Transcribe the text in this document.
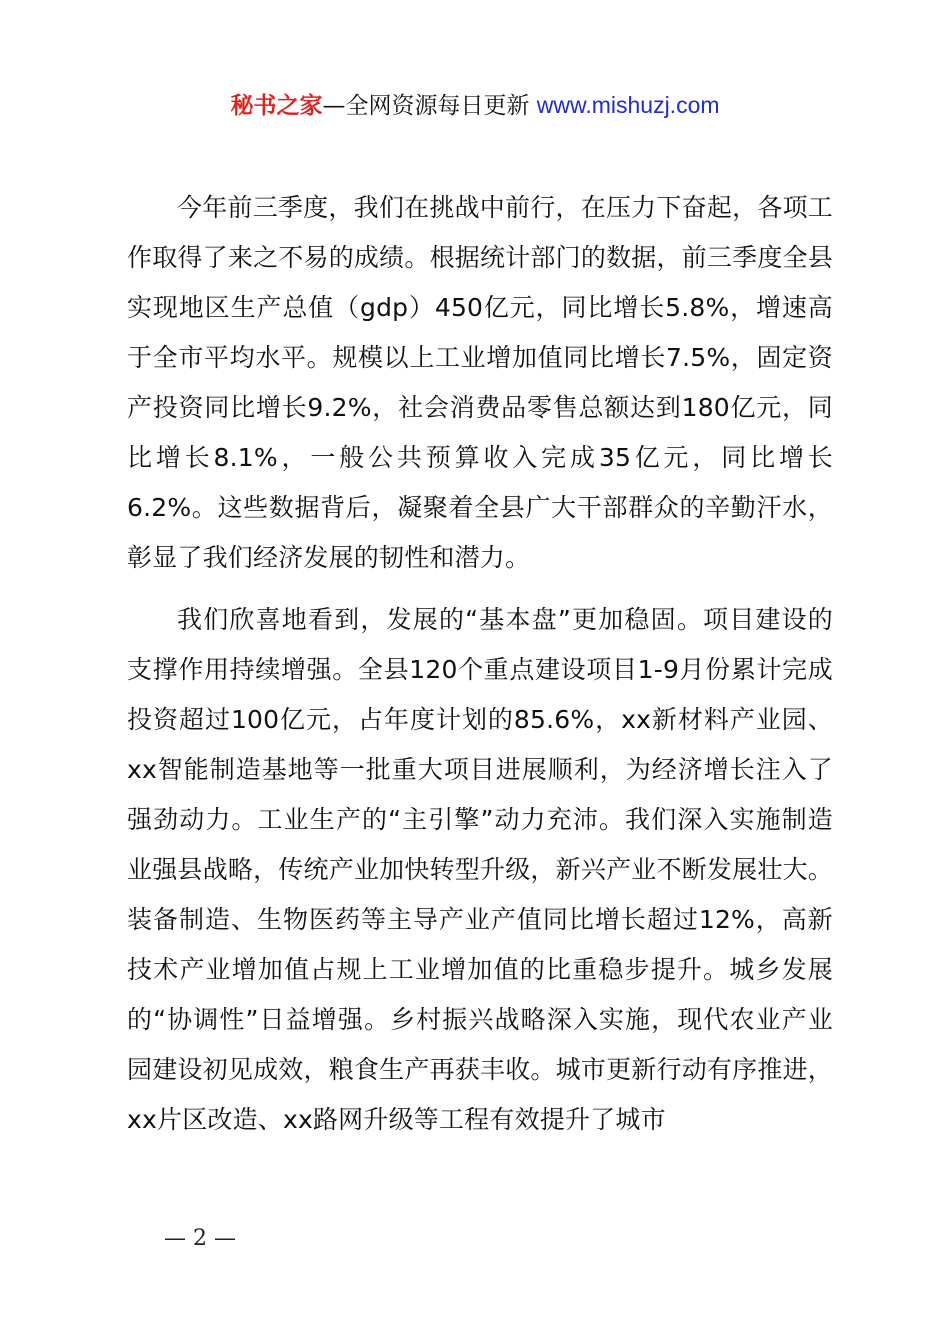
秘书之家—全网资源每日更新 www.mishuzj.com

今年前三季度，我们在挑战中前行，在压力下奋起，各项工作取得了来之不易的成绩。根据统计部门的数据，前三季度全县实现地区生产总值（gdp）450亿元，同比增长5.8%，增速高于全市平均水平。规模以上工业增加值同比增长7.5%，固定资产投资同比增长9.2%，社会消费品零售总额达到180亿元，同比增长8.1%，一般公共预算收入完成35亿元，同比增长6.2%。这些数据背后，凝聚着全县广大干部群众的辛勤汗水，彰显了我们经济发展的韧性和潜力。

我们欣喜地看到，发展的“基本盘”更加稳固。项目建设的支撑作用持续增强。全县120个重点建设项目1-9月份累计完成投资超过100亿元，占年度计划的85.6%，xx新材料产业园、xx智能制造基地等一批重大项目进展顺利，为经济增长注入了强劲动力。工业生产的“主引擎”动力充沛。我们深入实施制造业强县战略，传统产业加快转型升级，新兴产业不断发展壮大。装备制造、生物医药等主导产业产值同比增长超过12%，高新技术产业增加值占规上工业增加值的比重稳步提升。城乡发展的“协调性”日益增强。乡村振兴战略深入实施，现代农业产业园建设初见成效，粮食生产再获丰收。城市更新行动有序推进，xx片区改造、xx路网升级等工程有效提升了城市

— 2 —
